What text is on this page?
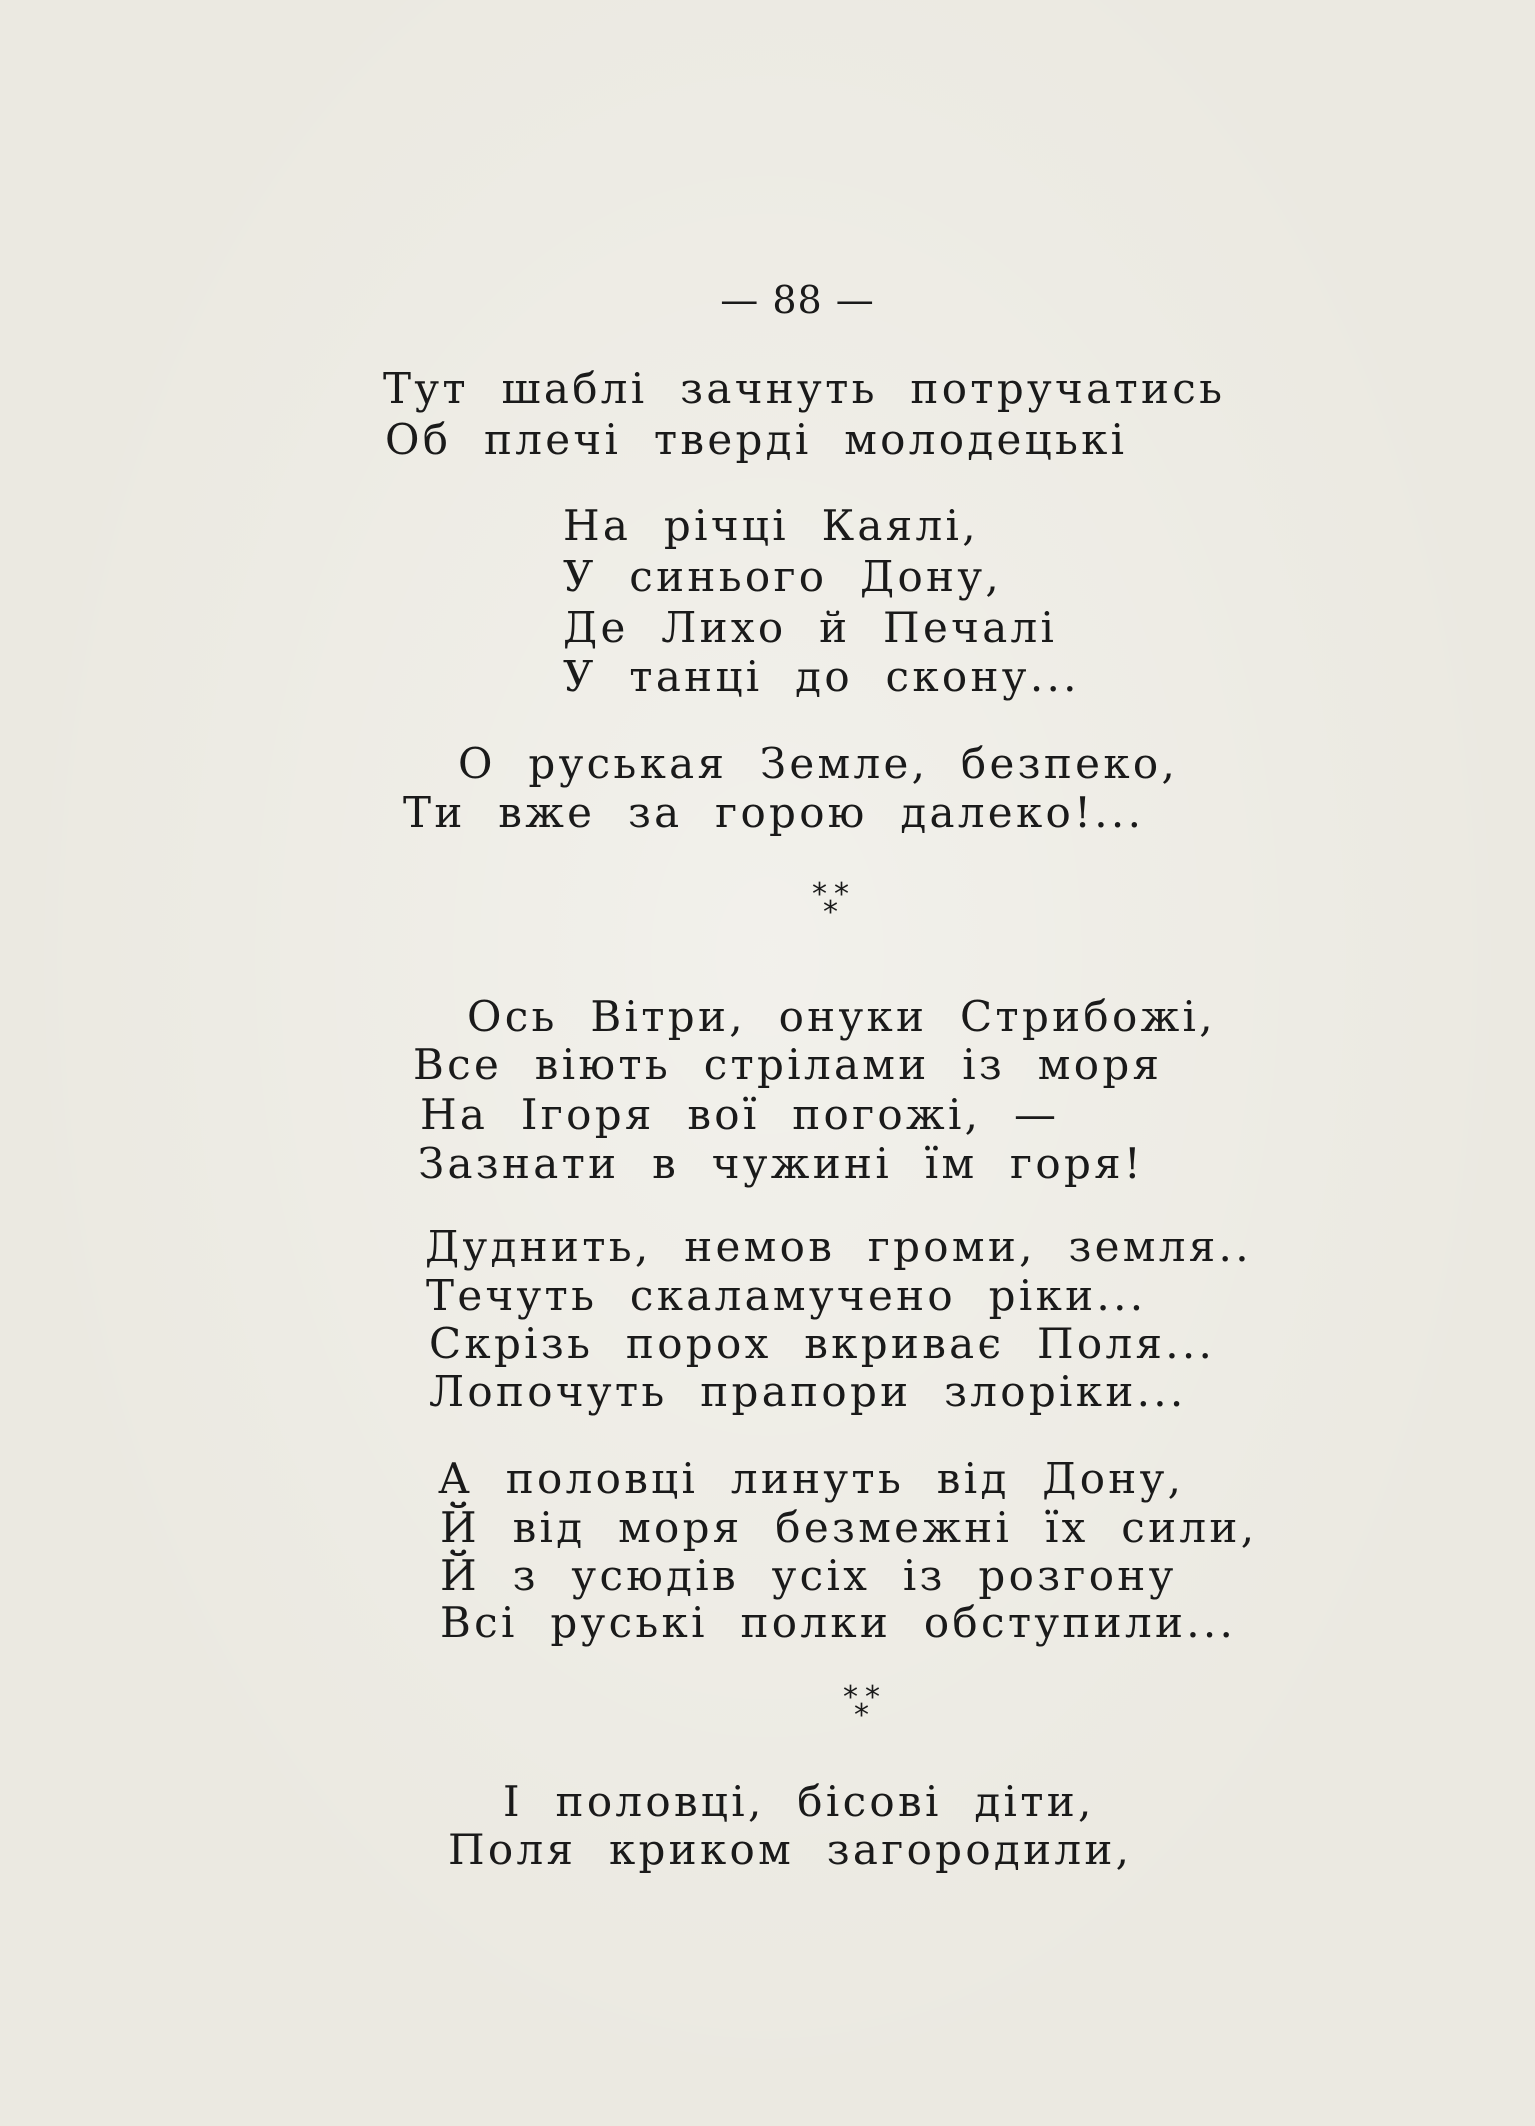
— 88 —

Тут шаблі зачнуть потручатись

Об плечі тверді молодецькі

На річці Каялі,

У синього Дону,

Де Лихо й Печалі

У танці до скону...

О руськая Земле, безпеко,

Ти вже за горою далеко!...

* *
*

Ось Вітри, онуки Стрибожі,

Все віють стрілами із моря

На Ігоря вої погожі, —

Зазнати в чужині їм горя!

Дуднить, немов громи, земля..

Течуть скаламучено ріки...

Скрізь порох вкриває Поля...

Лопочуть прапори злоріки...

А половці линуть від Дону,

Й від моря безмежні їх сили,

Й з усюдів усіх із розгону

Всі руські полки обступили...

* *
*

І половці, бісові діти,

Поля криком загородили,
